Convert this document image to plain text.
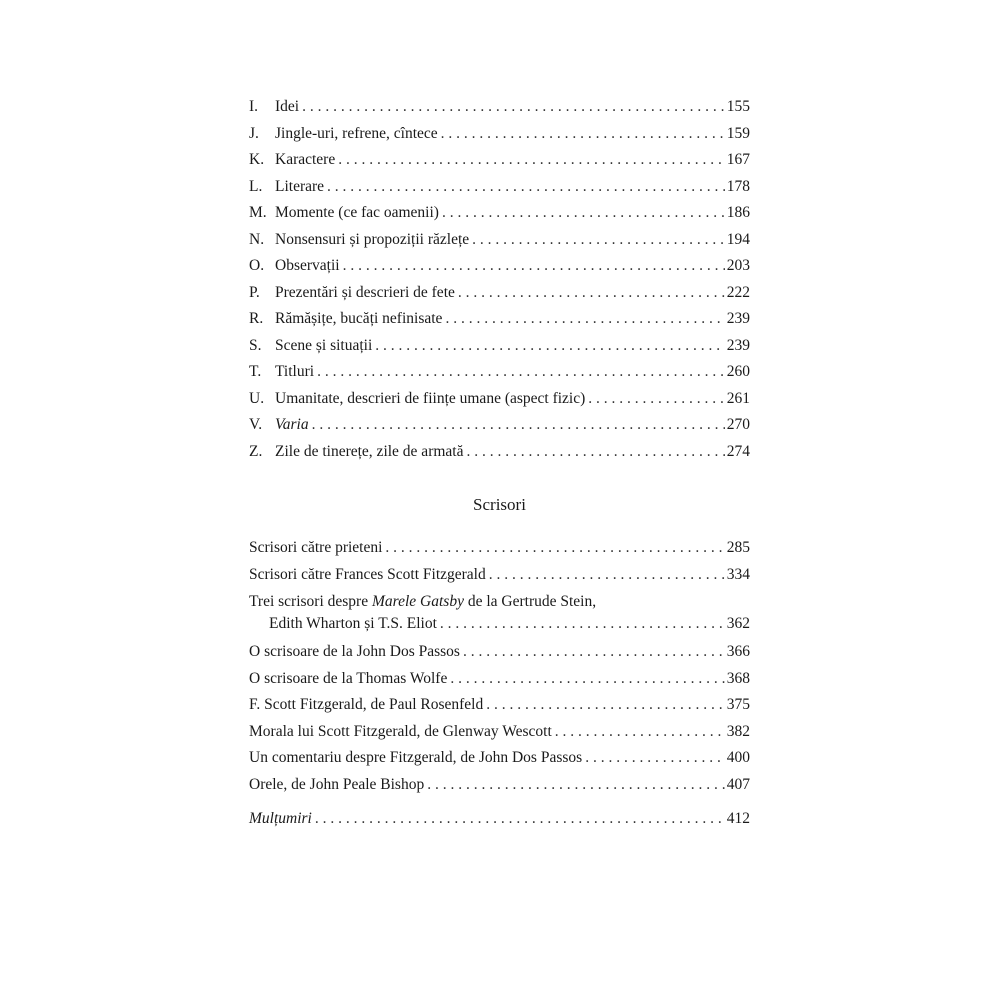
I.	Idei . . .	155
J.	Jingle-uri, refrene, cîntece . . .	159
K. Karactere . . .	167
L. Literare . . .	178
M. Momente (ce fac oamenii) . . .	186
N. Nonsensuri și propoziții răzlețe . . .	194
O. Observații . . .	203
P. Prezentări și descrieri de fete . . .	222
R. Rămășițe, bucăți nefinisate . . .	239
S. Scene și situații . . .	239
T. Titluri . . .	260
U. Umanitate, descrieri de ființe umane (aspect fizic) . . .	261
V. Varia . . .	270
Z. Zile de tinerețe, zile de armată . . .	274
Scrisori
Scrisori către prieteni . . .	285
Scrisori către Frances Scott Fitzgerald . . .	334
Trei scrisori despre Marele Gatsby de la Gertrude Stein,
Edith Wharton și T.S. Eliot . . .	362
O scrisoare de la John Dos Passos . . .	366
O scrisoare de la Thomas Wolfe . . .	368
F. Scott Fitzgerald, de Paul Rosenfeld . . .	375
Morala lui Scott Fitzgerald, de Glenway Wescott . . .	382
Un comentariu despre Fitzgerald, de John Dos Passos . . .	400
Orele, de John Peale Bishop . . .	407
Mulțumiri . . .	412
